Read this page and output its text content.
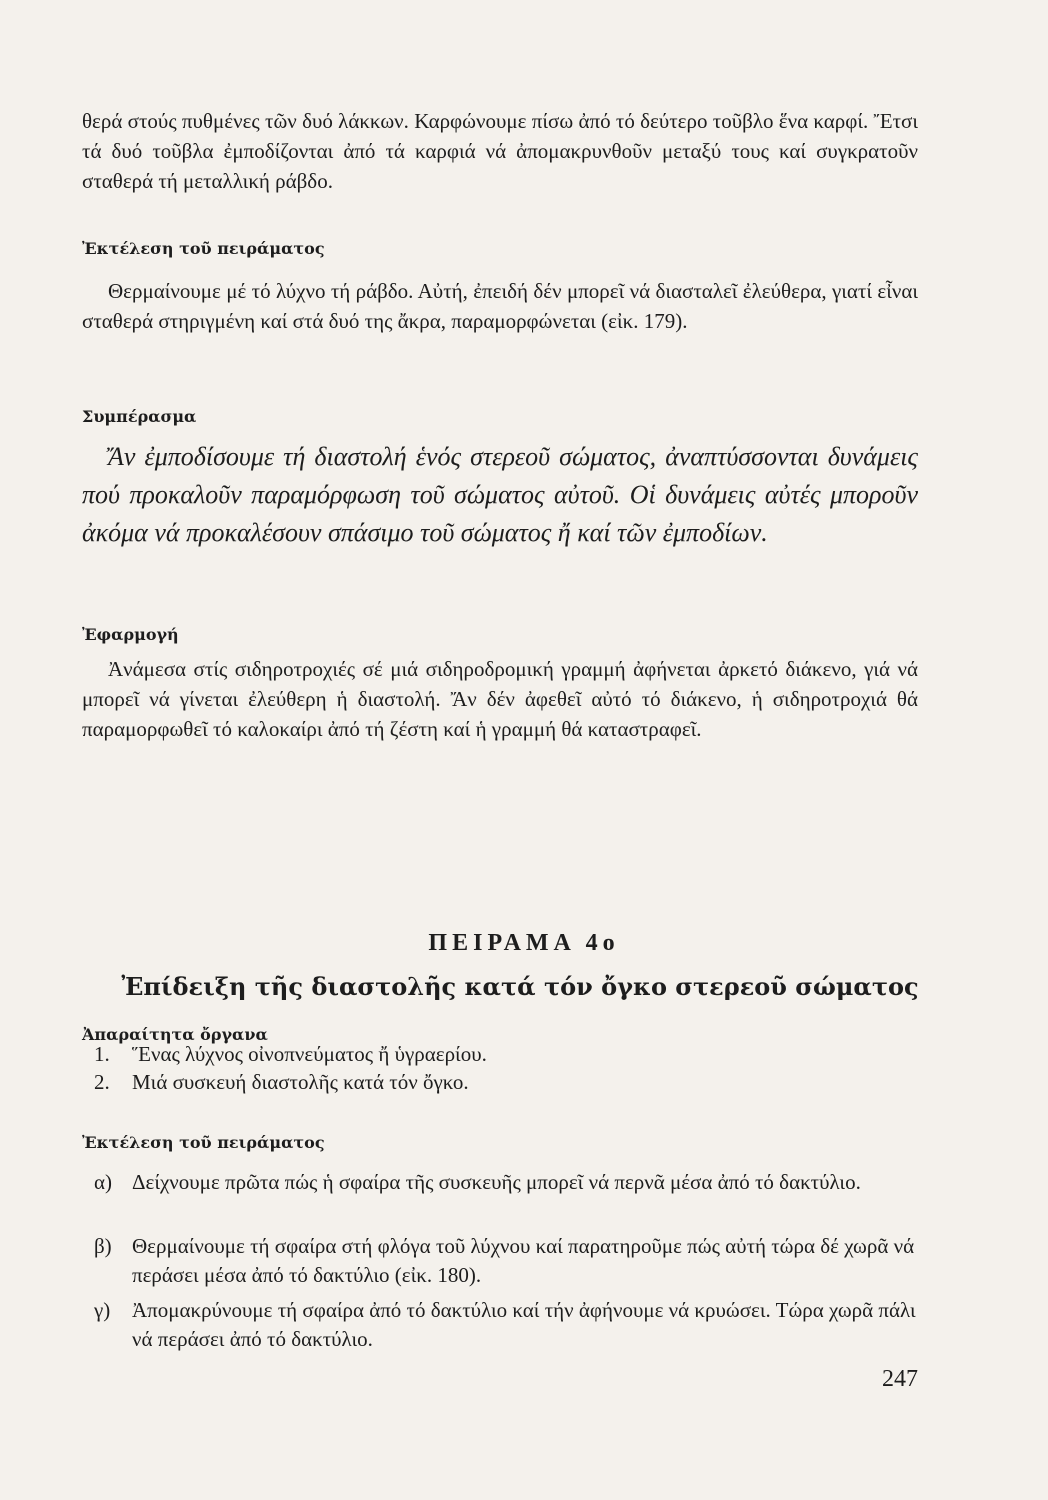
θερά στούς πυθμένες τῶν δυό λάκκων. Καρφώνουμε πίσω ἀπό τό δεύτερο τοῦβλο ἕνα καρφί. Ἔτσι τά δυό τοῦβλα ἐμποδίζονται ἀπό τά καρφιά νά ἀπομακρυνθοῦν μεταξύ τους καί συγκρατοῦν σταθερά τή μεταλλική ράβδο.

Ἐκτέλεση τοῦ πειράματος

Θερμαίνουμε μέ τό λύχνο τή ράβδο. Αὐτή, ἐπειδή δέν μπορεῖ νά διασταλεῖ ἐλεύθερα, γιατί εἶναι σταθερά στηριγμένη καί στά δυό της ἄκρα, παραμορφώνεται (εἰκ. 179).

Συμπέρασμα

Ἄν ἐμποδίσουμε τή διαστολή ἑνός στερεοῦ σώματος, ἀναπτύσσονται δυνάμεις πού προκαλοῦν παραμόρφωση τοῦ σώματος αὐτοῦ. Οἱ δυνάμεις αὐτές μποροῦν ἀκόμα νά προκαλέσουν σπάσιμο τοῦ σώματος ἤ καί τῶν ἐμποδίων.

Ἐφαρμογή

Ἀνάμεσα στίς σιδηροτροχιές σέ μιά σιδηροδρομική γραμμή ἀφήνεται ἀρκετό διάκενο, γιά νά μπορεῖ νά γίνεται ἐλεύθερη ἡ διαστολή. Ἄν δέν ἀφεθεῖ αὐτό τό διάκενο, ἡ σιδηροτροχιά θά παραμορφωθεῖ τό καλοκαίρι ἀπό τή ζέστη καί ἡ γραμμή θά καταστραφεῖ.

ΠΕΙΡΑΜΑ 4ο
Ἐπίδειξη τῆς διαστολῆς κατά τόν ὄγκο στερεοῦ σώματος
Ἀπαραίτητα ὄργανα
1. Ἕνας λύχνος οἰνοπνεύματος ἤ ὑγραερίου.
2. Μιά συσκευή διαστολῆς κατά τόν ὄγκο.
Ἐκτέλεση τοῦ πειράματος
α) Δείχνουμε πρῶτα πώς ἡ σφαίρα τῆς συσκευῆς μπορεῖ νά περνᾶ μέσα ἀπό τό δακτύλιο.
β) Θερμαίνουμε τή σφαίρα στή φλόγα τοῦ λύχνου καί παρατηροῦμε πώς αὐτή τώρα δέ χωρᾶ νά περάσει μέσα ἀπό τό δακτύλιο (εἰκ. 180).
γ) Ἀπομακρύνουμε τή σφαίρα ἀπό τό δακτύλιο καί τήν ἀφήνουμε νά κρυώσει. Τώρα χωρᾶ πάλι νά περάσει ἀπό τό δακτύλιο.
247
